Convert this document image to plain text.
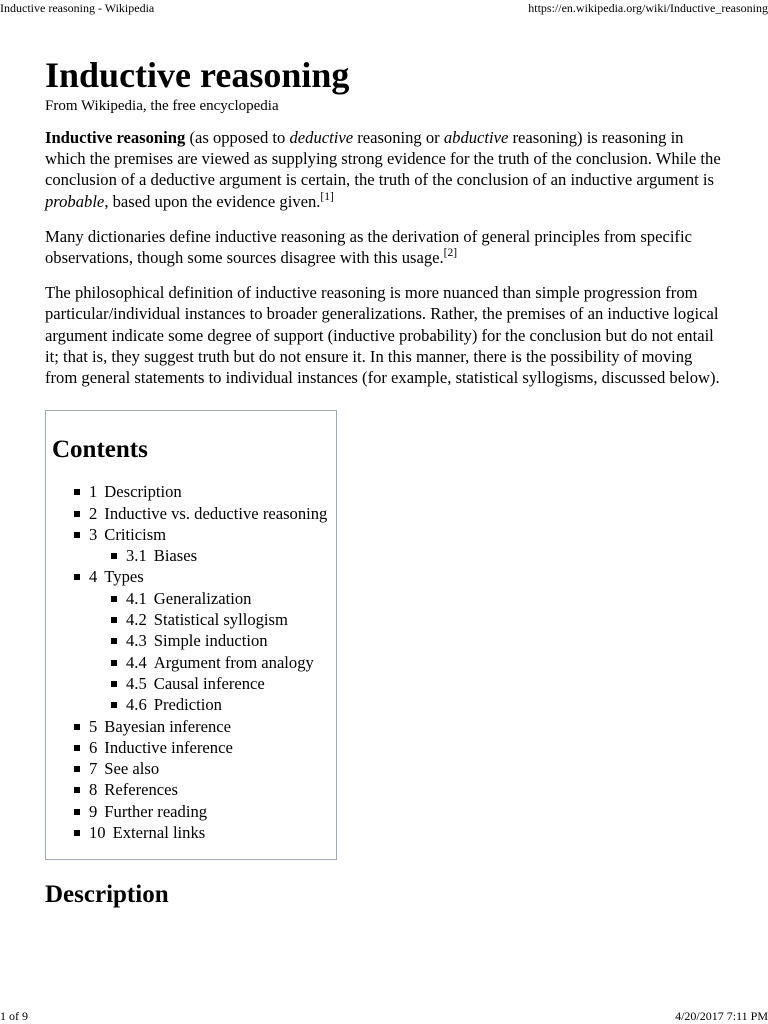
Inductive reasoning - Wikipedia	https://en.wikipedia.org/wiki/Inductive_reasoning
Inductive reasoning
From Wikipedia, the free encyclopedia

Inductive reasoning (as opposed to deductive reasoning or abductive reasoning) is reasoning in which the premises are viewed as supplying strong evidence for the truth of the conclusion. While the conclusion of a deductive argument is certain, the truth of the conclusion of an inductive argument is probable, based upon the evidence given.[1]

Many dictionaries define inductive reasoning as the derivation of general principles from specific observations, though some sources disagree with this usage.[2]

The philosophical definition of inductive reasoning is more nuanced than simple progression from particular/individual instances to broader generalizations. Rather, the premises of an inductive logical argument indicate some degree of support (inductive probability) for the conclusion but do not entail it; that is, they suggest truth but do not ensure it. In this manner, there is the possibility of moving from general statements to individual instances (for example, statistical syllogisms, discussed below).

Contents
1 Description
2 Inductive vs. deductive reasoning
3 Criticism
3.1 Biases
4 Types
4.1 Generalization
4.2 Statistical syllogism
4.3 Simple induction
4.4 Argument from analogy
4.5 Causal inference
4.6 Prediction
5 Bayesian inference
6 Inductive inference
7 See also
8 References
9 Further reading
10 External links
Description
1 of 9	4/20/2017 7:11 PM
